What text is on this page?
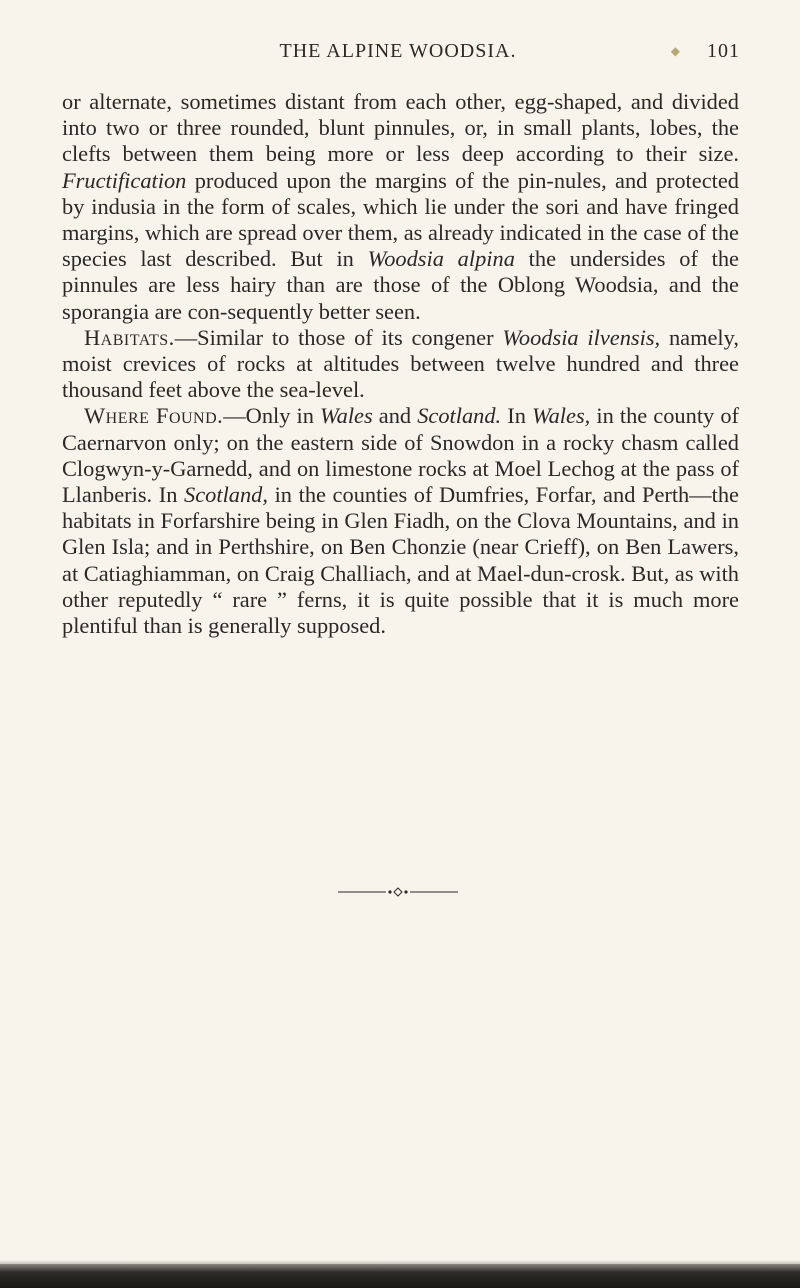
◆
THE ALPINE WOODSIA.	101

or alternate, sometimes distant from each other, egg-shaped, and divided into two or three rounded, blunt pinnules, or, in small plants, lobes, the clefts between them being more or less deep according to their size. Fructification produced upon the margins of the pin-nules, and protected by indusia in the form of scales, which lie under the sori and have fringed margins, which are spread over them, as already indicated in the case of the species last described. But in Woodsia alpina the undersides of the pinnules are less hairy than are those of the Oblong Woodsia, and the sporangia are con-sequently better seen.

Habitats.—Similar to those of its congener Woodsia ilvensis, namely, moist crevices of rocks at altitudes between twelve hundred and three thousand feet above the sea-level.

Where Found.—Only in Wales and Scotland. In Wales, in the county of Caernarvon only; on the eastern side of Snowdon in a rocky chasm called Clogwyn-y-Garnedd, and on limestone rocks at Moel Lechog at the pass of Llanberis. In Scotland, in the counties of Dumfries, Forfar, and Perth—the habitats in Forfarshire being in Glen Fiadh, on the Clova Mountains, and in Glen Isla; and in Perthshire, on Ben Chonzie (near Crieff), on Ben Lawers, at Catiaghiamman, on Craig Challiach, and at Mael-dun-crosk. But, as with other reputedly “ rare ” ferns, it is quite possible that it is much more plentiful than is generally supposed.
